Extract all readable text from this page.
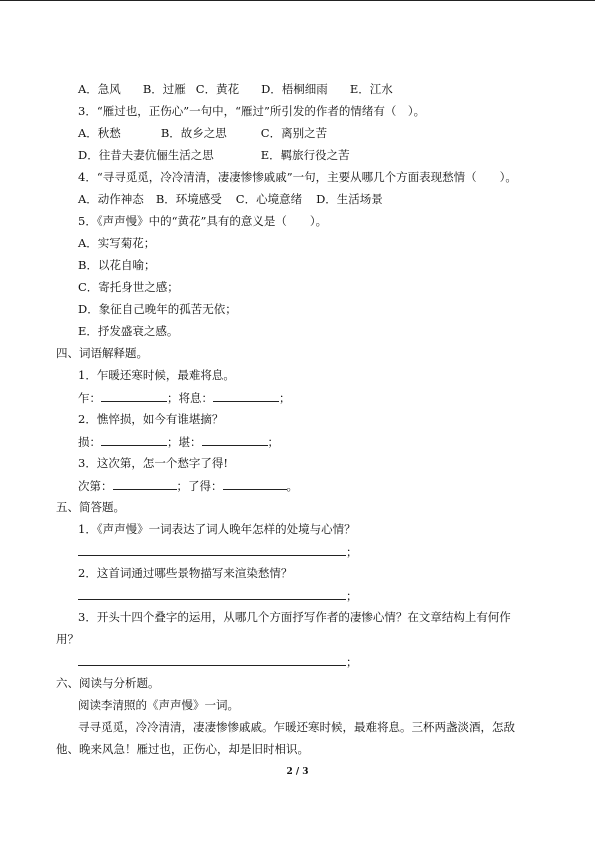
A．急风 B．过雁 C．黄花 D．梧桐细雨 E．江水
3．“雁过也，正伤心”一句中，“雁过”所引发的作者的情绪有（　）。
A．秋愁	B．故乡之思	C．离别之苦
D．往昔夫妻伉俪生活之思	E．羁旅行役之苦
4．“寻寻觅觅，冷冷清清，凄凄惨惨戚戚”一句，主要从哪几个方面表现愁情（　　）。
A．动作神态 B．环境感受 C．心境意绪 D．生活场景
5．《声声慢》中的“黄花”具有的意义是（　　）。
A．实写菊花；
B．以花自喻；
C．寄托身世之感；
D．象征自己晚年的孤苦无依；
E．抒发盛衰之感。
四、词语解释题。
1．乍暖还寒时候，最难将息。
乍：	；将息：	；
2．憔悴损，如今有谁堪摘？
损：	；堪：	；
3．这次第，怎一个愁字了得!
次第：	；了得：	。
五、简答题。
1．《声声慢》一词表达了词人晚年怎样的处境与心情？
；
2．这首词通过哪些景物描写来渲染愁情？
；
3．开头十四个叠字的运用，从哪几个方面抒写作者的凄惨心情？在文章结构上有何作
用？
；
六、阅读与分析题。
阅读李清照的《声声慢》一词。
寻寻觅觅，冷冷清清，凄凄惨惨戚戚。乍暖还寒时候，最难将息。三杯两盏淡酒，怎敌
他、晚来风急！雁过也，正伤心，却是旧时相识。
2 / 3
